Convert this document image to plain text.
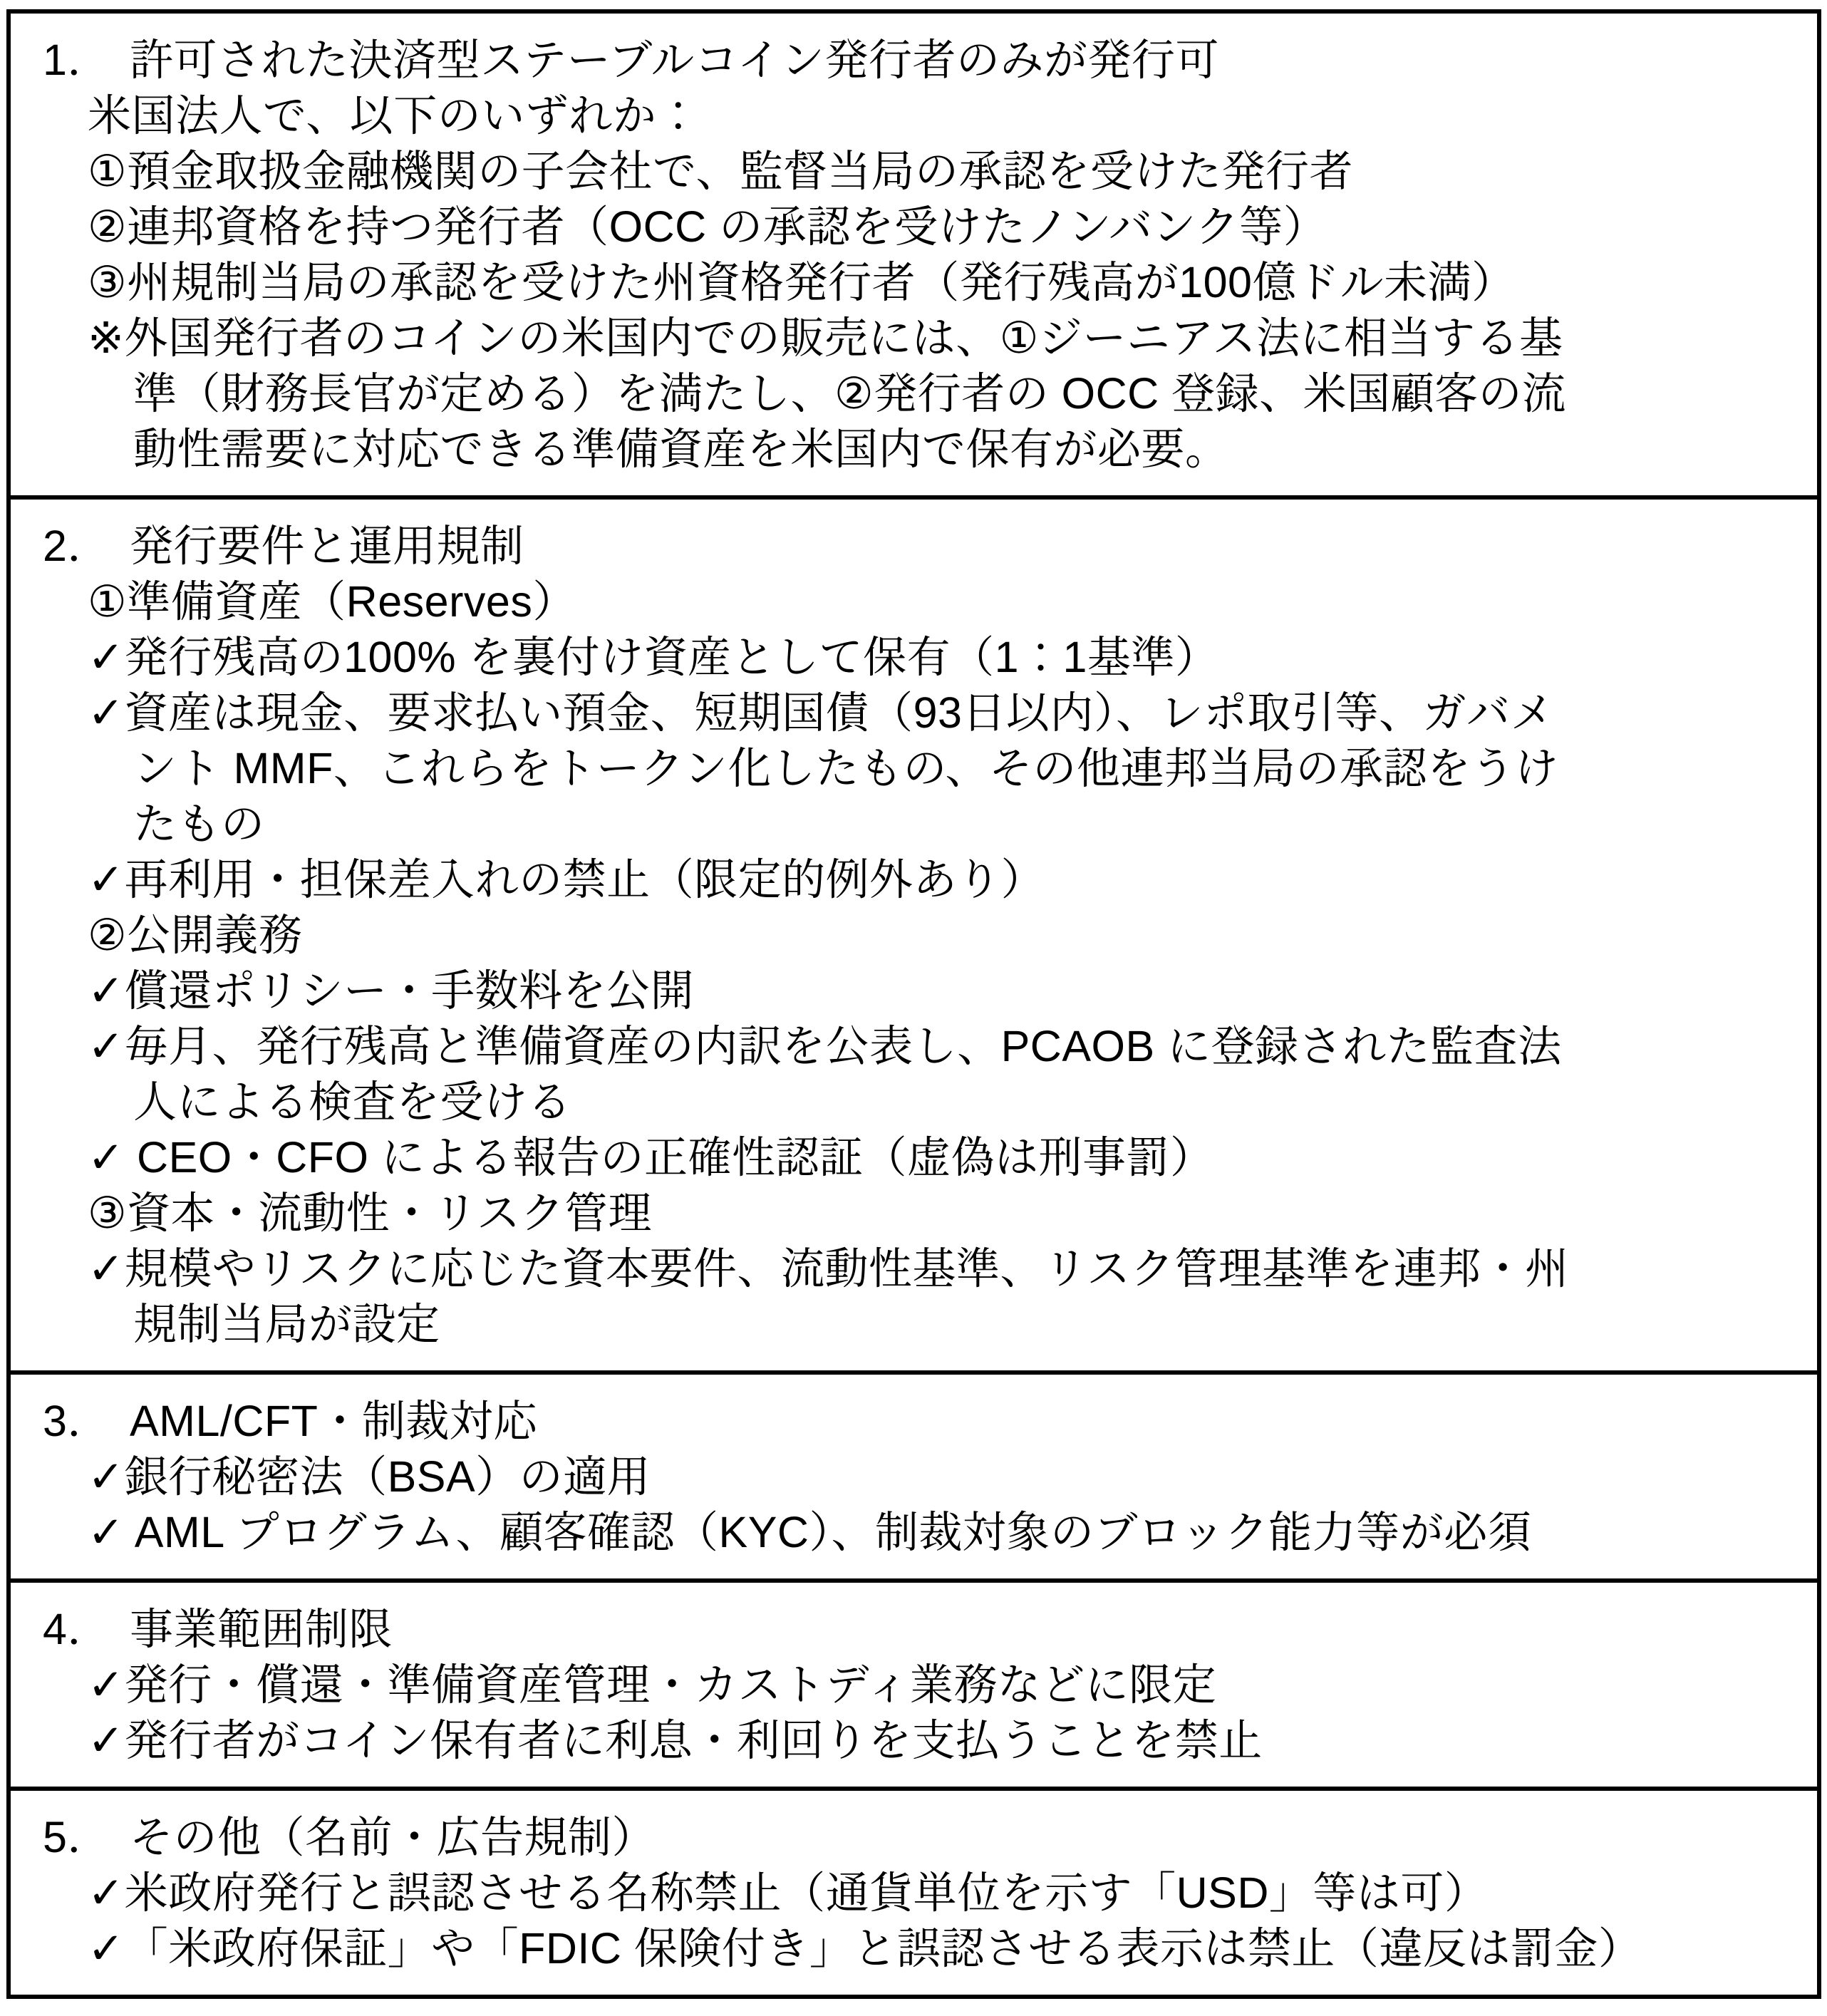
1． 許可された決済型ステーブルコイン発行者のみが発行可
米国法人で、以下のいずれか：
①預金取扱金融機関の子会社で、監督当局の承認を受けた発行者
②連邦資格を持つ発行者（OCC の承認を受けたノンバンク等）
③州規制当局の承認を受けた州資格発行者（発行残高が100億ドル未満）
※外国発行者のコインの米国内での販売には、①ジーニアス法に相当する基
準（財務長官が定める）を満たし、②発行者の OCC 登録、米国顧客の流
動性需要に対応できる準備資産を米国内で保有が必要。
2． 発行要件と運用規制
①準備資産（Reserves）
✓発行残高の100% を裏付け資産として保有（1：1基準）
✓資産は現金、要求払い預金、短期国債（93日以内）、レポ取引等、ガバメ
ント MMF、これらをトークン化したもの、その他連邦当局の承認をうけ
たもの
✓再利用・担保差入れの禁止（限定的例外あり）
②公開義務
✓償還ポリシー・手数料を公開
✓毎月、発行残高と準備資産の内訳を公表し、PCAOB に登録された監査法
人による検査を受ける
✓ CEO・CFO による報告の正確性認証（虚偽は刑事罰）
③資本・流動性・リスク管理
✓規模やリスクに応じた資本要件、流動性基準、リスク管理基準を連邦・州
規制当局が設定
3． AML/CFT・制裁対応
✓銀行秘密法（BSA）の適用
✓ AML プログラム、顧客確認（KYC）、制裁対象のブロック能力等が必須
4． 事業範囲制限
✓発行・償還・準備資産管理・カストディ業務などに限定
✓発行者がコイン保有者に利息・利回りを支払うことを禁止
5． その他（名前・広告規制）
✓米政府発行と誤認させる名称禁止（通貨単位を示す「USD」等は可）
✓「米政府保証」や「FDIC 保険付き」と誤認させる表示は禁止（違反は罰金）
